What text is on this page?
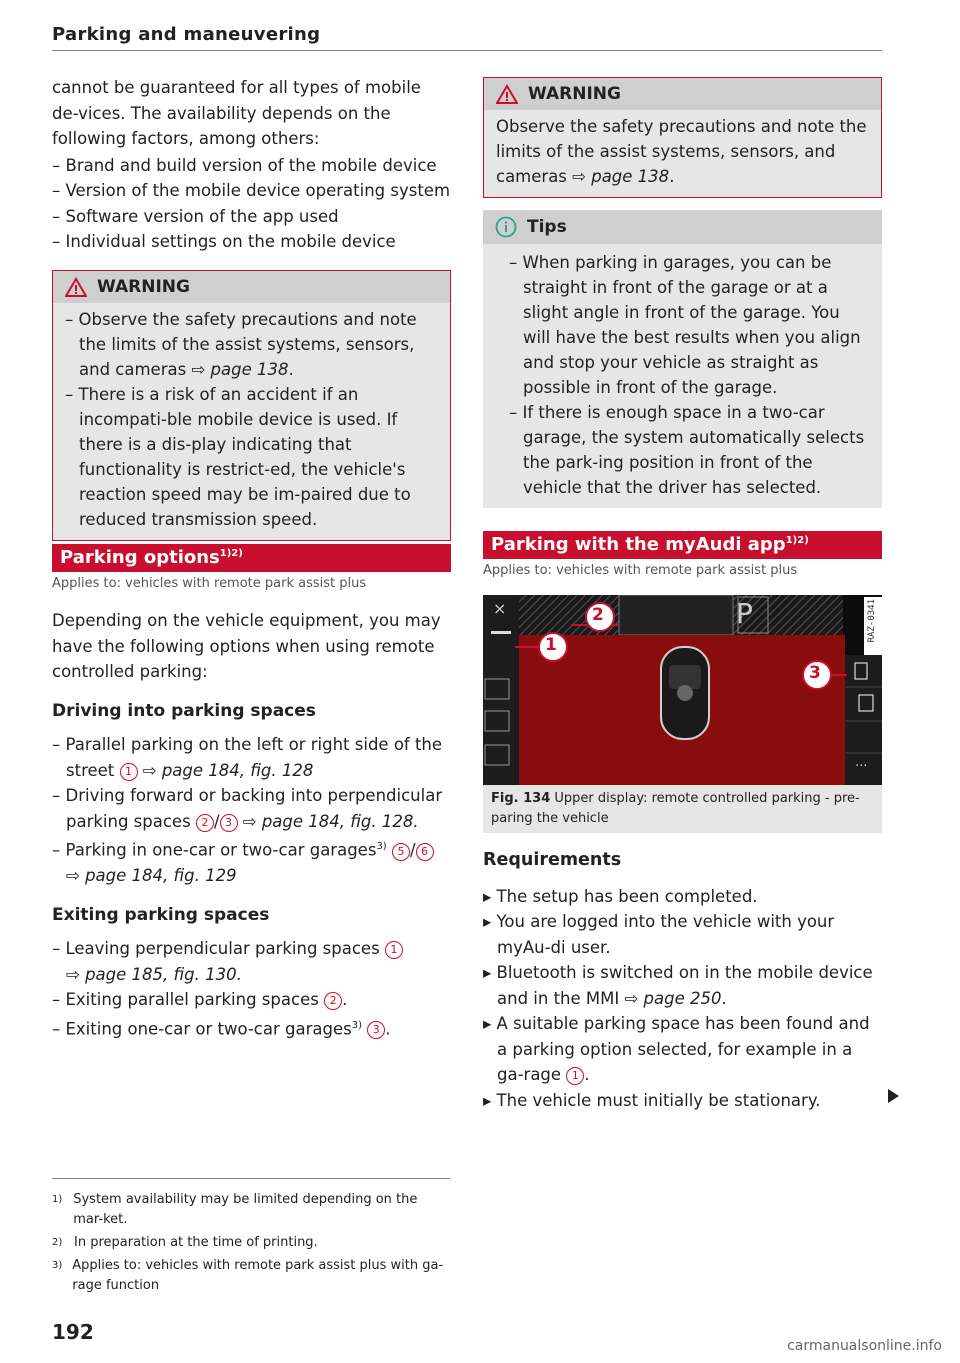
Parking and maneuvering

cannot be guaranteed for all types of mobile de-vices. The availability depends on the following factors, among others:

– Brand and build version of the mobile device

– Version of the mobile device operating system

– Software version of the app used

– Individual settings on the mobile device

WARNING

– Observe the safety precautions and note the limits of the assist systems, sensors, and cameras ⇨ page 138.

– There is a risk of an accident if an incompati-ble mobile device is used. If there is a dis-play indicating that functionality is restrict-ed, the vehicle's reaction speed may be im-paired due to reduced transmission speed.

Parking options$^{1)2)}$
Applies to: vehicles with remote park assist plus

Depending on the vehicle equipment, you may have the following options when using remote controlled parking:

Driving into parking spaces

– Parallel parking on the left or right side of the street 1 ⇨ page 184, fig. 128

– Driving forward or backing into perpendicular parking spaces 2 / 3 ⇨ page 184, fig. 128.

– Parking in one-car or two-car garages$^{3)}$ 5 / 6
⇨ page 184, fig. 129

Exiting parking spaces

– Leaving perpendicular parking spaces 1
⇨ page 185, fig. 130.

– Exiting parallel parking spaces 2 .

– Exiting one-car or two-car garages$^{3)}$ 3 .

1) System availability may be limited depending on the mar-ket.
2) In preparation at the time of printing.
3) Applies to: vehicles with remote park assist plus with ga-rage function
192
WARNING

Observe the safety precautions and note the limits of the assist systems, sensors, and cameras ⇨ page 138.

Tips

– When parking in garages, you can be straight in front of the garage or at a slight angle in front of the garage. You will have the best results when you align and stop your vehicle as straight as possible in front of the garage.

– If there is enough space in a two-car garage, the system automatically selects the park-ing position in front of the vehicle that the driver has selected.

Parking with the myAudi app$^{1)2)}$
Applies to: vehicles with remote park assist plus
×	P
2
1
3
···
RAZ-0341
Fig. 134 Upper display: remote controlled parking - pre-paring the vehicle

Requirements

▸ The setup has been completed.

▸ You are logged into the vehicle with your myAu-di user.

▸ Bluetooth is switched on in the mobile device and in the MMI ⇨ page 250.

▸ A suitable parking space has been found and a parking option selected, for example in a ga-rage 1 .

▸ The vehicle must initially be stationary.

carmanualsonline.info
